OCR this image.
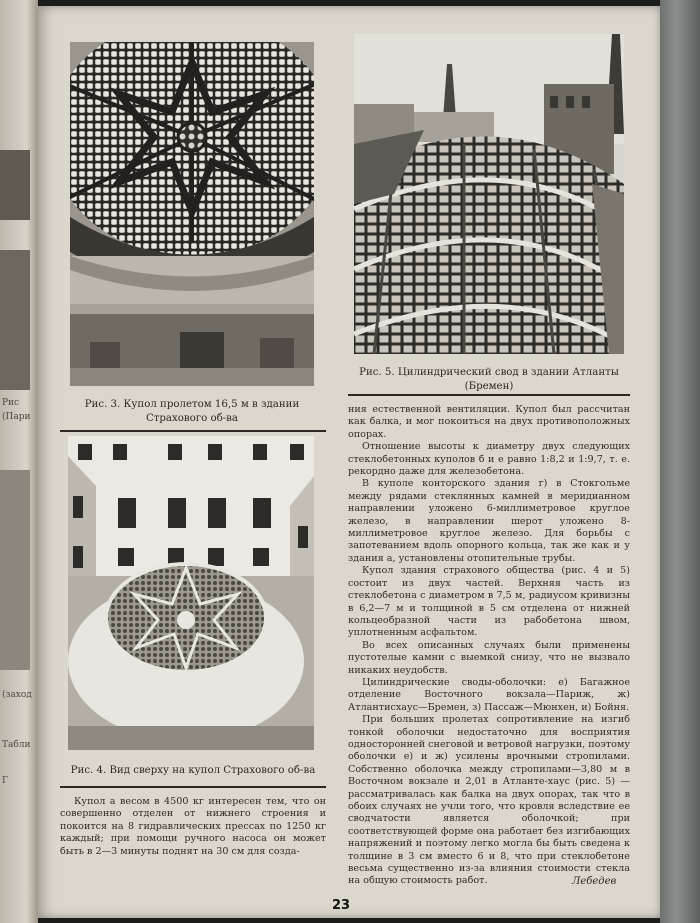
Рис
(Пари
(заход
Табли
Г
Рис. 3. Купол пролетом 16,5 м в здании Страхового об-ва
Рис. 5. Цилиндрический свод в здании Атланты (Бремен)
Рис. 4. Вид сверху на купол Страхового об-ва

Купол a весом в 4500 кг интересен тем, что он совершенно отделен от нижнего строения и покоится на 8 гидравлических прессах по 1250 кг каждый; при помощи ручного насоса он может быть в 2—3 минуты поднят на 30 см для созда-

ния естественной вентиляции. Купол был рассчитан как балка, и мог покоиться на двух противоположных опорах.

Отношение высоты к диаметру двух следующих стеклобетонных куполов б и e равно 1:8,2 и 1:9,7, т. е. рекордно даже для железобетона.

В куполе конторского здания г) в Стокгольме между рядами стеклянных камней в меридианном направлении уложено 6-миллиметровое круглое железо, в направлении шерот уложено 8-миллиметровое круглое железо. Для борьбы с запотеванием вдоль опорного кольца, так же как и у здания a, установлены отопительные трубы.

Купол здания страхового общества (рис. 4 и 5) состоит из двух частей. Верхняя часть из стеклобетона с диаметром в 7,5 м, радиусом кривизны в 6,2—7 м и толщиной в 5 см отделена от нижней кольцеобразной части из рабобетона швом, уплотненным асфальтом.

Во всех описанных случаях были применены пустотелые камни с выемкой снизу, что не вызвало никаких неудобств.

Цилиндрические своды-оболочки: е) Багажное отделение Восточного вокзала—Париж, ж) Атлантисхаус—Бремен, з) Пассаж—Мюнхен, и) Бойня.

При больших пролетах сопротивление на изгиб тонкой оболочки недостаточно для восприятия односторонней снеговой и ветровой нагрузки, поэтому оболочки е) и ж) усилены врочными стропилами. Собственно оболочка между стропилами—3,80 м в Восточном вокзале и 2,01 в Атланте-хаус (рис. 5) —рассматривалась как балка на двух опорах, так что в обоих случаях не учли того, что кровля вследствие ее сводчатости является оболочкой; при соответствующей форме она работает без изгибающих напряжений и поэтому легко могла бы быть сведена к толщине в 3 см вместо 6 и 8, что при стеклобетоне весьма существенно из-за влияния стоимости стекла на общую стоимость работ.	Лебедев
23
